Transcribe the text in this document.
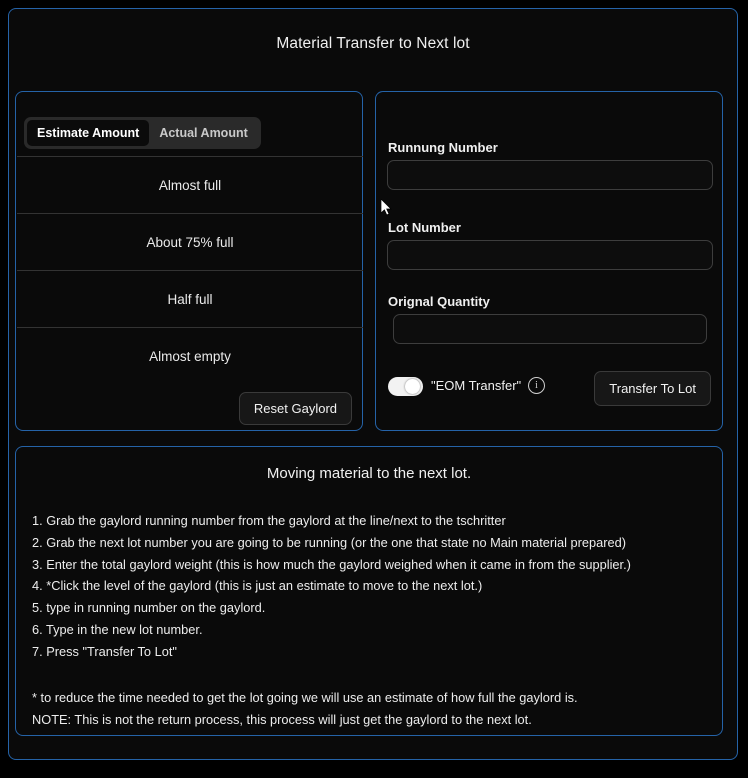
Material Transfer to Next lot
Estimate Amount	Actual Amount
Almost full
About 75% full
Half full
Almost empty
Reset Gaylord
Runnung Number
Lot Number
Orignal Quantity
"EOM Transfer"	i	Transfer To Lot
Moving material to the next lot.
1. Grab the gaylord running number from the gaylord at the line/next to the tschritter
2. Grab the next lot number you are going to be running (or the one that state no Main material prepared)
3. Enter the total gaylord weight (this is how much the gaylord weighed when it came in from the supplier.)
4. *Click the level of the gaylord (this is just an estimate to move to the next lot.)
5. type in running number on the gaylord.
6. Type in the new lot number.
7. Press "Transfer To Lot"
* to reduce the time needed to get the lot going we will use an estimate of how full the gaylord is.
NOTE: This is not the return process, this process will just get the gaylord to the next lot.
